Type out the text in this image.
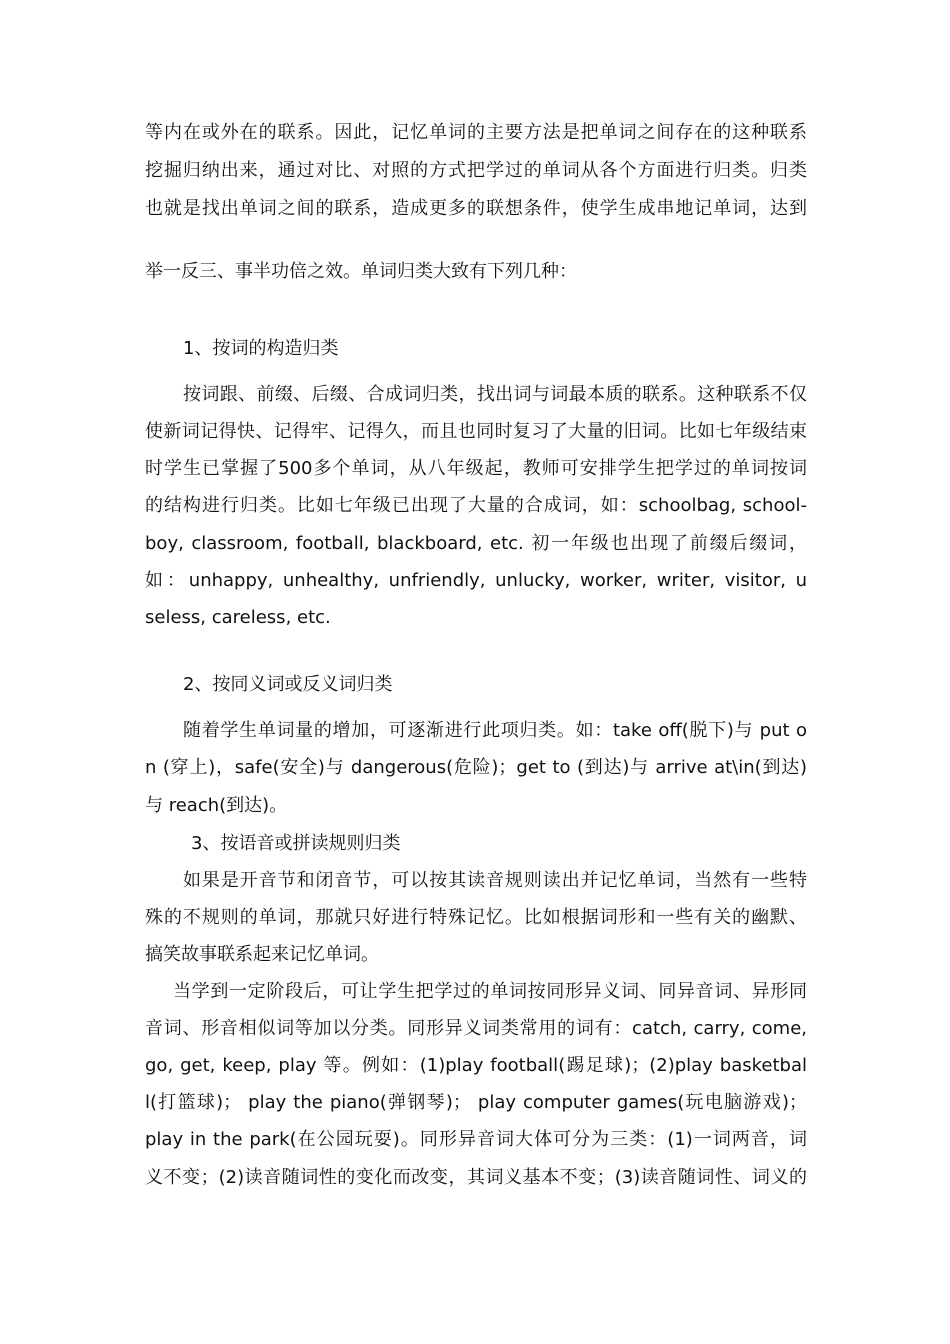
等内在或外在的联系。因此，记忆单词的主要方法是把单词之间存在的这种联系
挖掘归纳出来，通过对比、对照的方式把学过的单词从各个方面进行归类。归类
也就是找出单词之间的联系，造成更多的联想条件，使学生成串地记单词，达到
举一反三、事半功倍之效。单词归类大致有下列几种：
1、按词的构造归类
按词跟、前缀、后缀、合成词归类，找出词与词最本质的联系。这种联系不仅
使新词记得快、记得牢、记得久，而且也同时复习了大量的旧词。比如七年级结束
时学生已掌握了500多个单词，从八年级起，教师可安排学生把学过的单词按词
的结构进行归类。比如七年级已出现了大量的合成词，如：schoolbag, school-
boy, classroom, football, blackboard, etc. 初一年级也出现了前缀后缀词，
如：unhappy, unhealthy, unfriendly, unlucky, worker, writer, visitor, u
seless, careless, etc.
2、按同义词或反义词归类
随着学生单词量的增加，可逐渐进行此项归类。如：take off(脱下)与 put o
n (穿上)，safe(安全)与 dangerous(危险)；get to (到达)与 arrive at\in(到达)
与 reach(到达)。
3、按语音或拼读规则归类
如果是开音节和闭音节，可以按其读音规则读出并记忆单词，当然有一些特
殊的不规则的单词，那就只好进行特殊记忆。比如根据词形和一些有关的幽默、
搞笑故事联系起来记忆单词。
当学到一定阶段后，可让学生把学过的单词按同形异义词、同异音词、异形同
音词、形音相似词等加以分类。同形异义词类常用的词有：catch, carry, come,
go, get, keep, play 等。例如：(1)play football(踢足球)；(2)play basketbal
l(打篮球)； play the piano(弹钢琴)； play computer games(玩电脑游戏)；
play in the park(在公园玩耍)。同形异音词大体可分为三类：(1)一词两音，词
义不变；(2)读音随词性的变化而改变，其词义基本不变；(3)读音随词性、词义的
